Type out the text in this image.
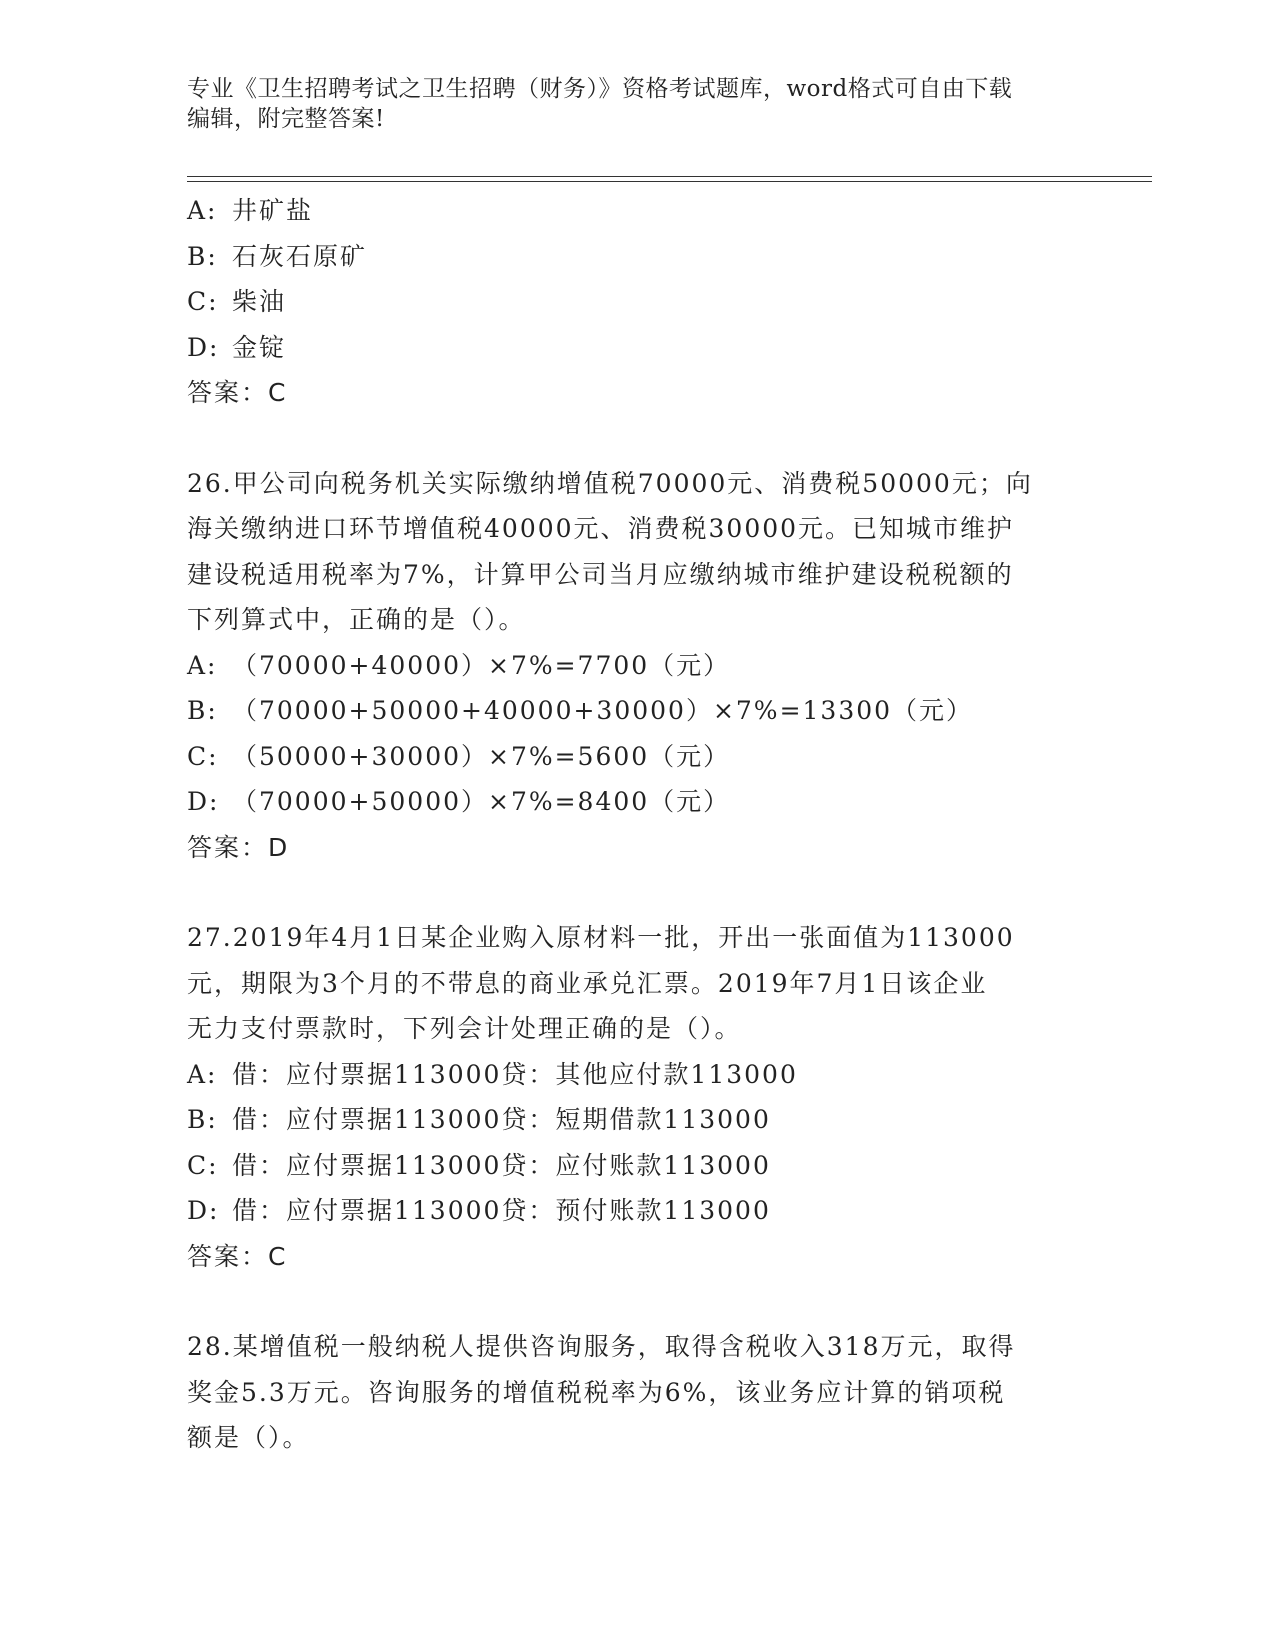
专业《卫生招聘考试之卫生招聘（财务）》资格考试题库，word格式可自由下载
编辑，附完整答案!
A: 井矿盐
B: 石灰石原矿
C: 柴油
D: 金锭
答案：C
26.甲公司向税务机关实际缴纳增值税70000元、消费税50000元；向
海关缴纳进口环节增值税40000元、消费税30000元。已知城市维护
建设税适用税率为7%，计算甲公司当月应缴纳城市维护建设税税额的
下列算式中，正确的是（）。
A: （70000+40000）×7%=7700（元）
B: （70000+50000+40000+30000）×7%=13300（元）
C: （50000+30000）×7%=5600（元）
D: （70000+50000）×7%=8400（元）
答案：D
27.2019年4月1日某企业购入原材料一批，开出一张面值为113000
元，期限为3个月的不带息的商业承兑汇票。2019年7月1日该企业
无力支付票款时，下列会计处理正确的是（）。
A: 借：应付票据113000贷：其他应付款113000
B: 借：应付票据113000贷：短期借款113000
C: 借：应付票据113000贷：应付账款113000
D: 借：应付票据113000贷：预付账款113000
答案：C
28.某增值税一般纳税人提供咨询服务，取得含税收入318万元，取得
奖金5.3万元。咨询服务的增值税税率为6%，该业务应计算的销项税
额是（）。
